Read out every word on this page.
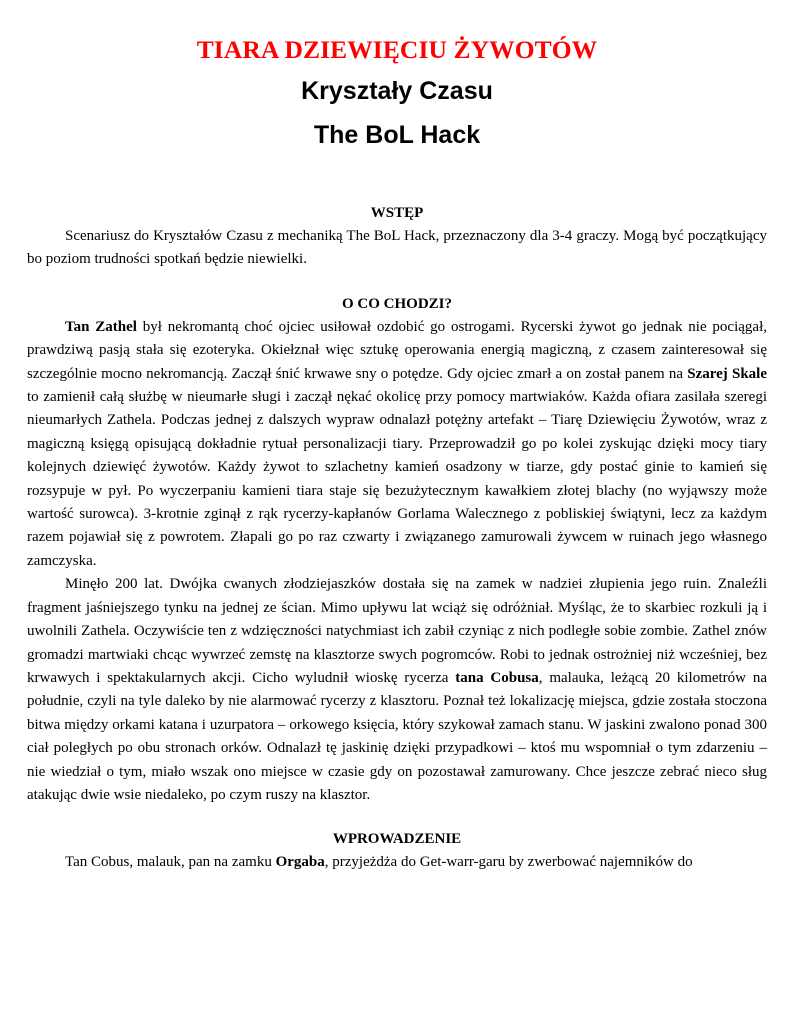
TIARA DZIEWIĘCIU ŻYWOTÓW
Kryształy Czasu
The BoL Hack
WSTĘP

Scenariusz do Kryształów Czasu z mechaniką The BoL Hack, przeznaczony dla 3-4 graczy. Mogą być początkujący bo poziom trudności spotkań będzie niewielki.

O CO CHODZI?

Tan Zathel był nekromantą choć ojciec usiłował ozdobić go ostrogami. Rycerski żywot go jednak nie pociągał, prawdziwą pasją stała się ezoteryka. Okiełznał więc sztukę operowania energią magiczną, z czasem zainteresował się szczególnie mocno nekromancją. Zaczął śnić krwawe sny o potędze. Gdy ojciec zmarł a on został panem na Szarej Skale to zamienił całą służbę w nieumarłe sługi i zaczął nękać okolicę przy pomocy martwiaków. Każda ofiara zasilała szeregi nieumarłych Zathela. Podczas jednej z dalszych wypraw odnalazł potężny artefakt – Tiarę Dziewięciu Żywotów, wraz z magiczną księgą opisującą dokładnie rytuał personalizacji tiary. Przeprowadził go po kolei zyskując dzięki mocy tiary kolejnych dziewięć żywotów. Każdy żywot to szlachetny kamień osadzony w tiarze, gdy postać ginie to kamień się rozsypuje w pył. Po wyczerpaniu kamieni tiara staje się bezużytecznym kawałkiem złotej blachy (no wyjąwszy może wartość surowca). 3-krotnie zginął z rąk rycerzy-kapłanów Gorlama Walecznego z pobliskiej świątyni, lecz za każdym razem pojawiał się z powrotem. Złapali go po raz czwarty i związanego zamurowali żywcem w ruinach jego własnego zamczyska.

Minęło 200 lat. Dwójka cwanych złodziejaszków dostała się na zamek w nadziei złupienia jego ruin. Znaleźli fragment jaśniejszego tynku na jednej ze ścian. Mimo upływu lat wciąż się odróżniał. Myśląc, że to skarbiec rozkuli ją i uwolnili Zathela. Oczywiście ten z wdzięczności natychmiast ich zabił czyniąc z nich podległe sobie zombie. Zathel znów gromadzi martwiaki chcąc wywrzeć zemstę na klasztorze swych pogromców. Robi to jednak ostrożniej niż wcześniej, bez krwawych i spektakularnych akcji. Cicho wyludnił wioskę rycerza tana Cobusa, malauka, leżącą 20 kilometrów na południe, czyli na tyle daleko by nie alarmować rycerzy z klasztoru. Poznał też lokalizację miejsca, gdzie została stoczona bitwa między orkami katana i uzurpatora – orkowego księcia, który szykował zamach stanu. W jaskini zwalono ponad 300 ciał poległych po obu stronach orków. Odnalazł tę jaskinię dzięki przypadkowi – ktoś mu wspomniał o tym zdarzeniu – nie wiedział o tym, miało wszak ono miejsce w czasie gdy on pozostawał zamurowany. Chce jeszcze zebrać nieco sług atakując dwie wsie niedaleko, po czym ruszy na klasztor.

WPROWADZENIE

Tan Cobus, malauk, pan na zamku Orgaba, przyjeżdża do Get-warr-garu by zwerbować najemników do
